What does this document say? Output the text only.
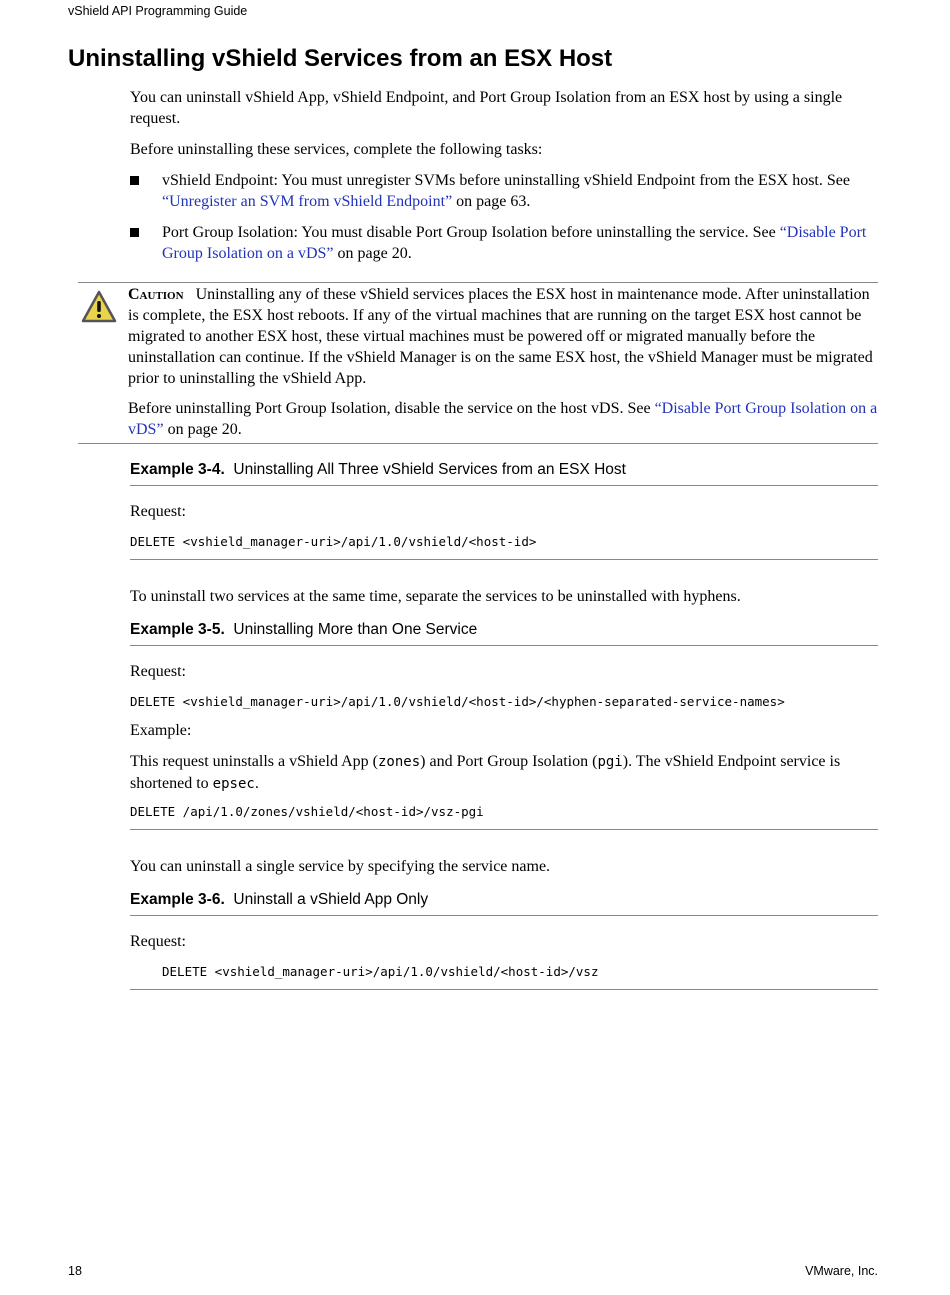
vShield API Programming Guide
Uninstalling vShield Services from an ESX Host
You can uninstall vShield App, vShield Endpoint, and Port Group Isolation from an ESX host by using a single request.
Before uninstalling these services, complete the following tasks:
vShield Endpoint: You must unregister SVMs before uninstalling vShield Endpoint from the ESX host. See “Unregister an SVM from vShield Endpoint” on page 63.
Port Group Isolation: You must disable Port Group Isolation before uninstalling the service. See “Disable Port Group Isolation on a vDS” on page 20.
Caution Uninstalling any of these vShield services places the ESX host in maintenance mode. After uninstallation is complete, the ESX host reboots. If any of the virtual machines that are running on the target ESX host cannot be migrated to another ESX host, these virtual machines must be powered off or migrated manually before the uninstallation can continue. If the vShield Manager is on the same ESX host, the vShield Manager must be migrated prior to uninstalling the vShield App.
Before uninstalling Port Group Isolation, disable the service on the host vDS. See “Disable Port Group Isolation on a vDS” on page 20.
Example 3-4. Uninstalling All Three vShield Services from an ESX Host
Request:
DELETE <vshield_manager-uri>/api/1.0/vshield/<host-id>
To uninstall two services at the same time, separate the services to be uninstalled with hyphens.
Example 3-5. Uninstalling More than One Service
Request:
DELETE <vshield_manager-uri>/api/1.0/vshield/<host-id>/<hyphen-separated-service-names>
Example:
This request uninstalls a vShield App (zones) and Port Group Isolation (pgi). The vShield Endpoint service is shortened to epsec.
DELETE /api/1.0/zones/vshield/<host-id>/vsz-pgi
You can uninstall a single service by specifying the service name.
Example 3-6. Uninstall a vShield App Only
Request:
DELETE <vshield_manager-uri>/api/1.0/vshield/<host-id>/vsz
18	VMware, Inc.
